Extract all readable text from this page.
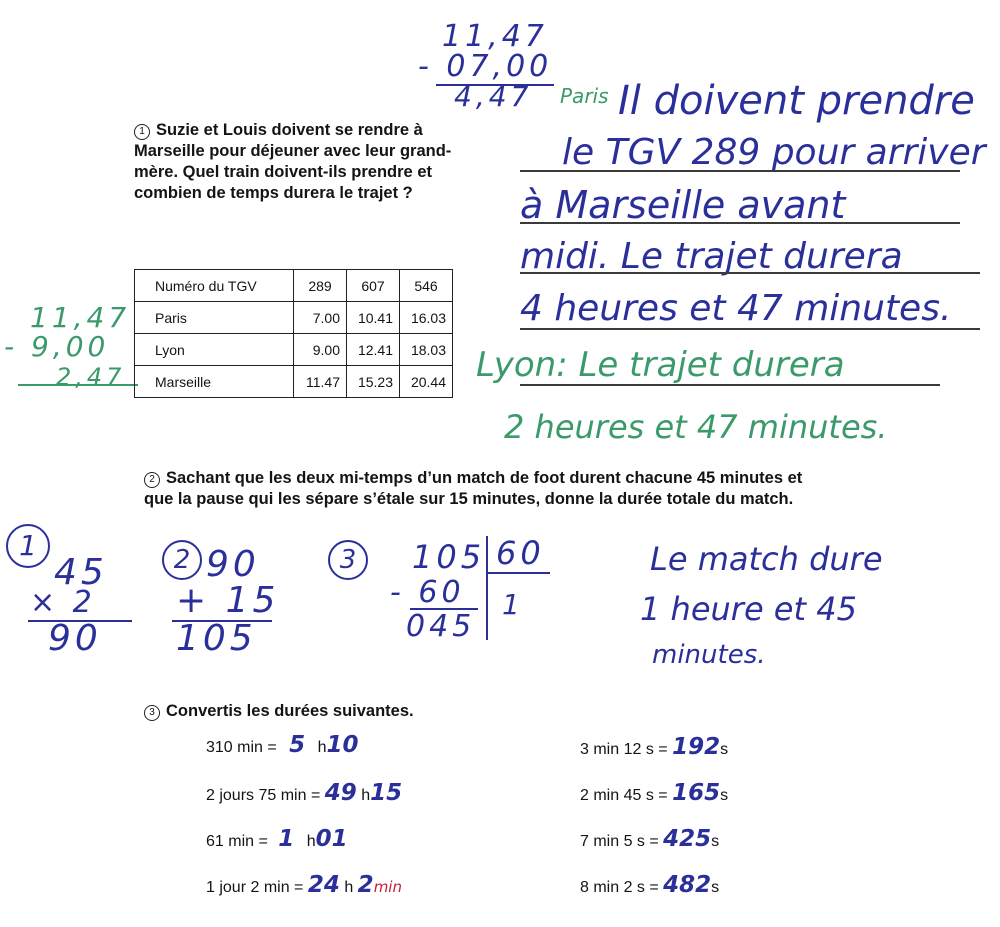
11,47
- 07,00
4,47	Paris
1 Suzie et Louis doivent se rendre à Marseille pour déjeuner avec leur grand-mère. Quel train doivent-ils prendre et combien de temps durera le trajet ?
Il doivent prendre
le TGV 289 pour arriver
à Marseille avant
midi. Le trajet durera
4 heures et 47 minutes.
Lyon: Le trajet durera
2 heures et 47 minutes.
11,47
- 9,00
2,47
Numéro du TGV	289	607	546
Paris	7.00	10.41	16.03
Lyon	9.00	12.41	18.03
Marseille	11.47	15.23	20.44
2 Sachant que les deux mi-temps d’un match de foot durent chacune 45 minutes et que la pause qui les sépare s’étale sur 15 minutes, donne la durée totale du match.
1
45
× 2
90
2 90
+ 15
105
3	105 60
- 60
045
1
Le match dure
1 heure et 45
minutes.
3 Convertis les durées suivantes.
310 min = 5 h10
2 jours 75 min = 49 h15
61 min = 1 h01
1 jour 2 min = 24 h 2min
3 min 12 s = 192s
2 min 45 s = 165s
7 min 5 s = 425s
8 min 2 s = 482s
